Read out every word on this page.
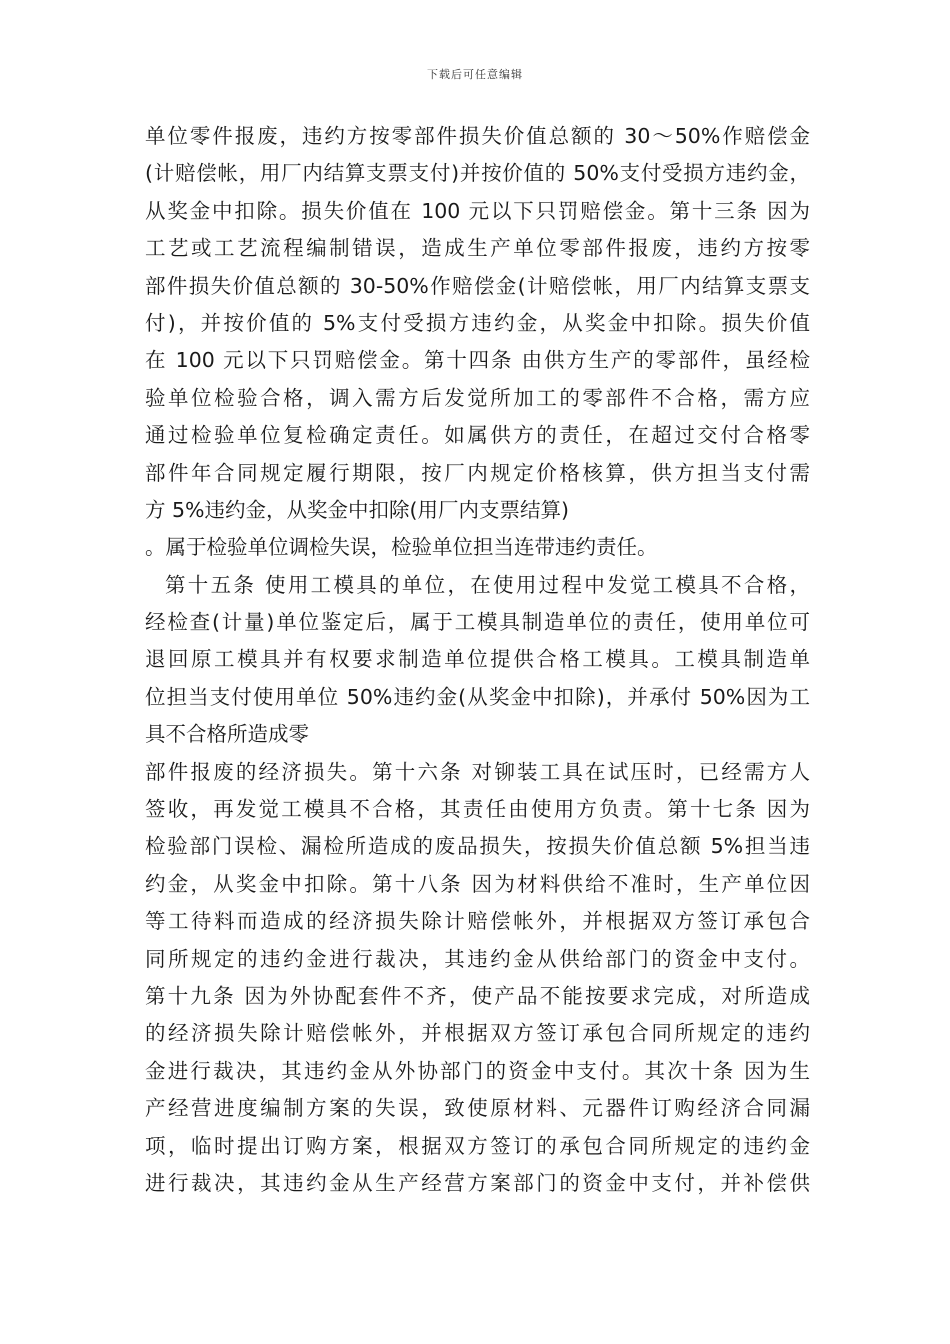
下载后可任意编辑
单位零件报废，违约方按零部件损失价值总额的 30～50%作赔偿金
(计赔偿帐，用厂内结算支票支付)并按价值的 50%支付受损方违约金，
从奖金中扣除。损失价值在 100 元以下只罚赔偿金。第十三条 因为
工艺或工艺流程编制错误，造成生产单位零部件报废，违约方按零
部件损失价值总额的 30-50%作赔偿金(计赔偿帐，用厂内结算支票支
付)，并按价值的 5%支付受损方违约金，从奖金中扣除。损失价值
在 100 元以下只罚赔偿金。第十四条 由供方生产的零部件，虽经检
验单位检验合格，调入需方后发觉所加工的零部件不合格，需方应
通过检验单位复检确定责任。如属供方的责任，在超过交付合格零
部件年合同规定履行期限，按厂内规定价格核算，供方担当支付需
方 5%违约金，从奖金中扣除(用厂内支票结算)
。属于检验单位调检失误，检验单位担当连带违约责任。
第十五条 使用工模具的单位，在使用过程中发觉工模具不合格，
经检查(计量)单位鉴定后，属于工模具制造单位的责任，使用单位可
退回原工模具并有权要求制造单位提供合格工模具。工模具制造单
位担当支付使用单位 50%违约金(从奖金中扣除)，并承付 50%因为工
具不合格所造成零
部件报废的经济损失。第十六条 对铆装工具在试压时，已经需方人
签收，再发觉工模具不合格，其责任由使用方负责。第十七条 因为
检验部门误检、漏检所造成的废品损失，按损失价值总额 5%担当违
约金，从奖金中扣除。第十八条 因为材料供给不准时，生产单位因
等工待料而造成的经济损失除计赔偿帐外，并根据双方签订承包合
同所规定的违约金进行裁决，其违约金从供给部门的资金中支付。
第十九条 因为外协配套件不齐，使产品不能按要求完成，对所造成
的经济损失除计赔偿帐外，并根据双方签订承包合同所规定的违约
金进行裁决，其违约金从外协部门的资金中支付。其次十条 因为生
产经营进度编制方案的失误，致使原材料、元器件订购经济合同漏
项，临时提出订购方案，根据双方签订的承包合同所规定的违约金
进行裁决，其违约金从生产经营方案部门的资金中支付，并补偿供
